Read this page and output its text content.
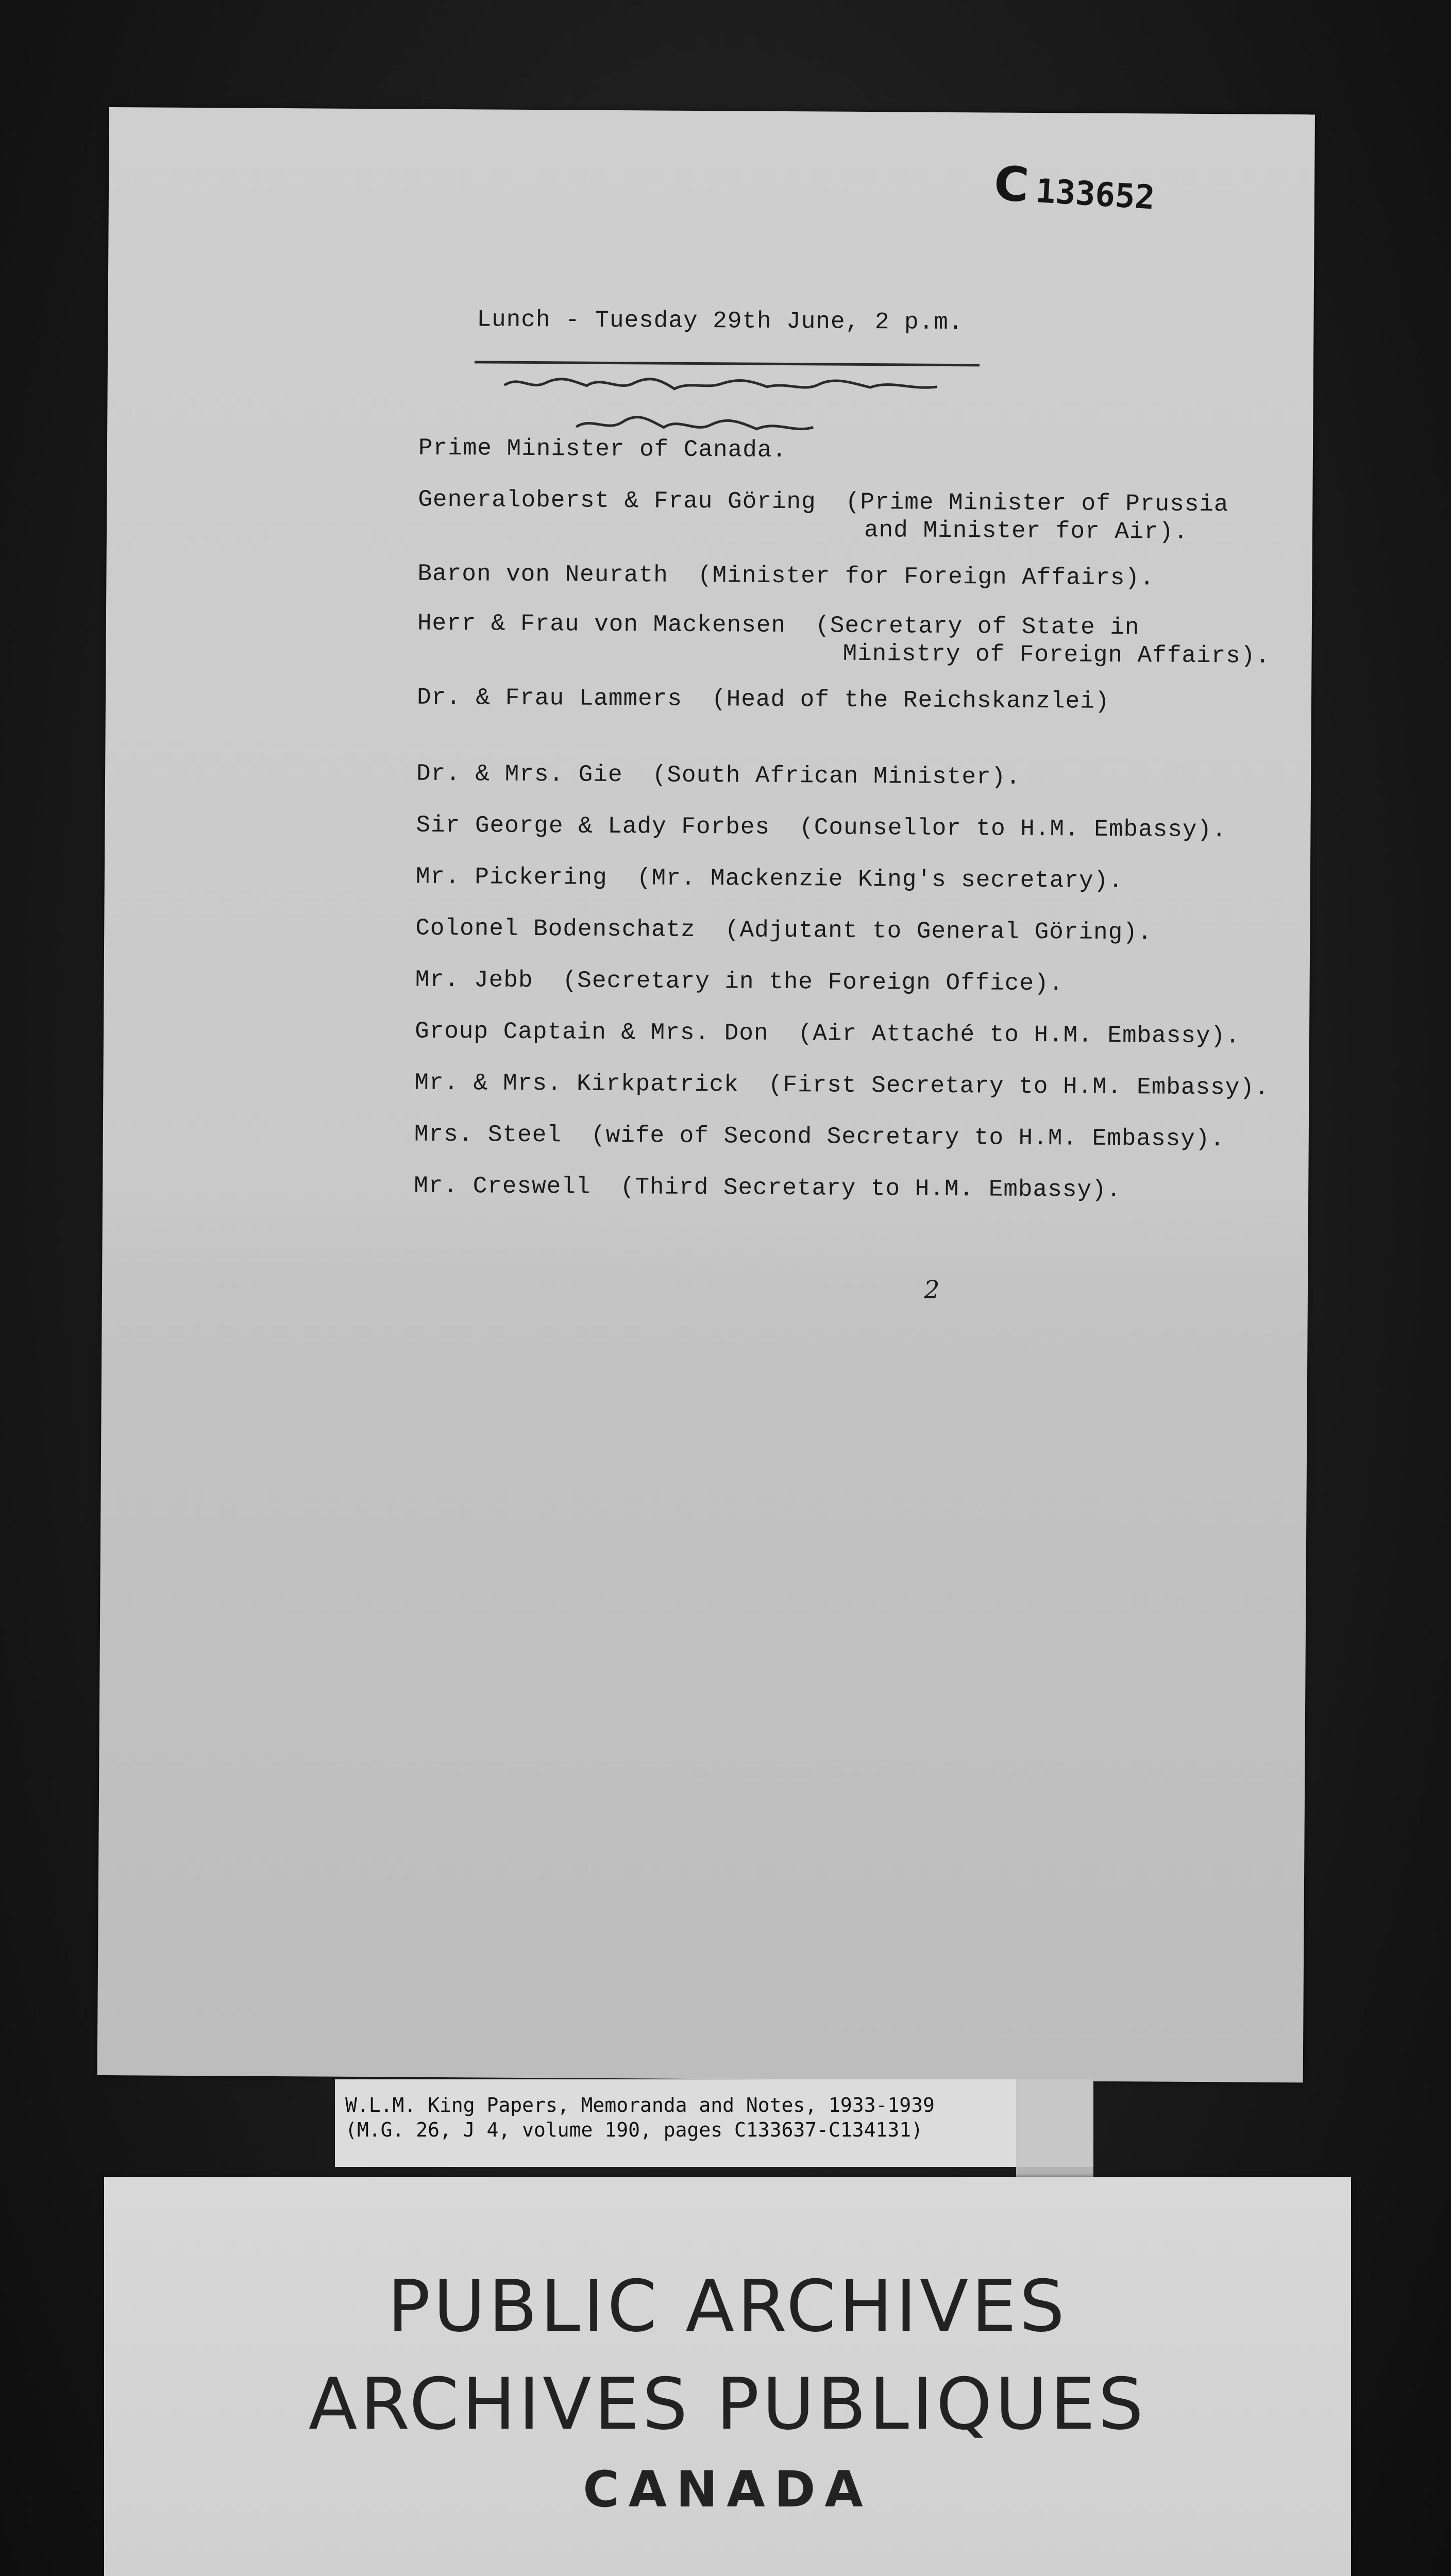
C 133652
Lunch - Tuesday 29th June, 2 p.m.
Prime Minister of Canada.
Generaloberst & Frau Göring  (Prime Minister of Prussia
and Minister for Air).
Baron von Neurath  (Minister for Foreign Affairs).
Herr & Frau von Mackensen  (Secretary of State in
Ministry of Foreign Affairs).
Dr. & Frau Lammers  (Head of the Reichskanzlei)
Dr. & Mrs. Gie  (South African Minister).
Sir George & Lady Forbes  (Counsellor to H.M. Embassy).
Mr. Pickering  (Mr. Mackenzie King's secretary).
Colonel Bodenschatz  (Adjutant to General Göring).
Mr. Jebb  (Secretary in the Foreign Office).
Group Captain & Mrs. Don  (Air Attaché to H.M. Embassy).
Mr. & Mrs. Kirkpatrick  (First Secretary to H.M. Embassy).
Mrs. Steel  (wife of Second Secretary to H.M. Embassy).
Mr. Creswell  (Third Secretary to H.M. Embassy).
2
W.L.M. King Papers, Memoranda and Notes, 1933-1939
(M.G. 26, J 4, volume 190, pages C133637-C134131)
PUBLIC ARCHIVES
ARCHIVES PUBLIQUES
CANADA
